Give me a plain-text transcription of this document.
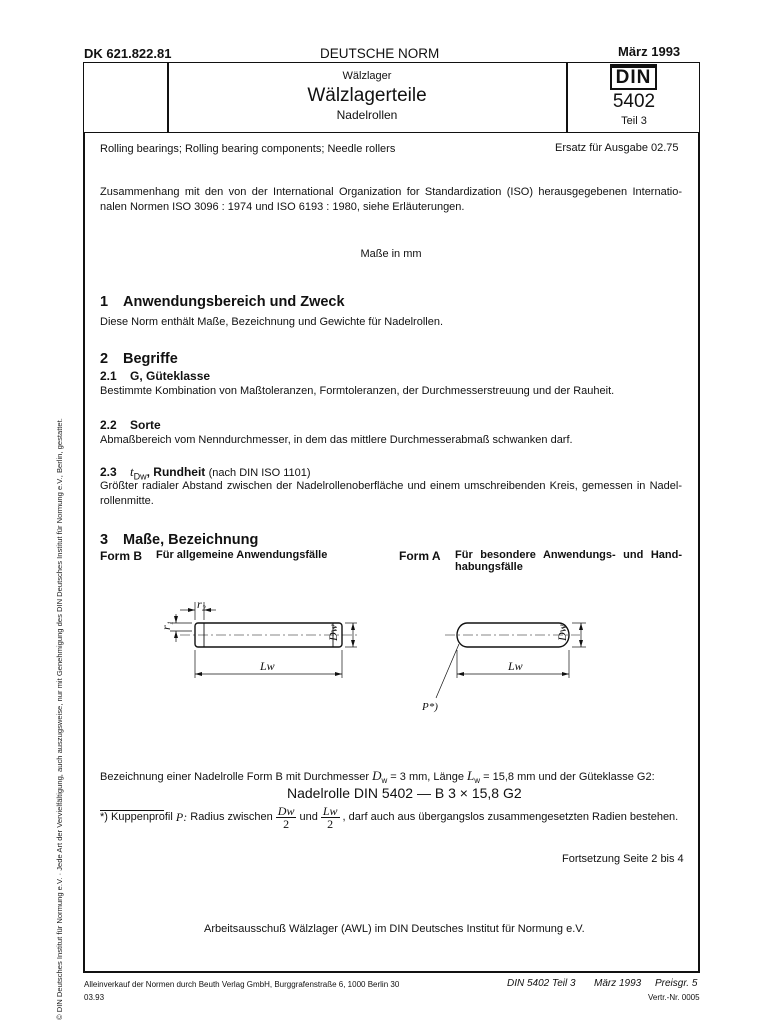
DK 621.822.81	DEUTSCHE NORM	März 1993
Wälzlager
Wälzlagerteile
Nadelrollen
DIN
5402
Teil 3
Rolling bearings; Rolling bearing components; Needle rollers	Ersatz für Ausgabe 02.75
Zusammenhang mit den von der International Organization for Standardization (ISO) herausgegebenen Internatio-
nalen Normen ISO 3096 : 1974 und ISO 6193 : 1980, siehe Erläuterungen.
Maße in mm
1 Anwendungsbereich und Zweck
Diese Norm enthält Maße, Bezeichnung und Gewichte für Nadelrollen.
2 Begriffe
2.1 G, Güteklasse
Bestimmte Kombination von Maßtoleranzen, Formtoleranzen, der Durchmesserstreuung und der Rauheit.
2.2 Sorte
Abmaßbereich vom Nenndurchmesser, in dem das mittlere Durchmesserabmaß schwanken darf.
2.3 $t_{Dw}$, Rundheit (nach DIN ISO 1101)
Größter radialer Abstand zwischen der Nadelrollenoberfläche und einem umschreibenden Kreis, gemessen in Nadel-
rollenmitte.
3 Maße, Bezeichnung
Form B Für allgemeine Anwendungsfälle	Form A Für besondere Anwendungs- und Hand-
habungsfälle
r₂
r₁	Dw
Lw
Dw
Lw
P*)
Bezeichnung einer Nadelrolle Form B mit Durchmesser $D_w = 3$ mm, Länge $L_w = 15,8$ mm und der Güteklasse G2:
Nadelrolle DIN 5402 — B 3 × 15,8 G2
*)
Kuppenprofil
P:
Radius zwischen $\frac{Dw}{2}$ und $\frac{Lw}{2}$ , darf auch aus übergangslos zusammengesetzten Radien bestehen.
Fortsetzung Seite 2 bis 4
Arbeitsausschuß Wälzlager (AWL) im DIN Deutsches Institut für Normung e.V.
Alleinverkauf der Normen durch Beuth Verlag GmbH, Burggrafenstraße 6, 1000 Berlin 30	DIN 5402 Teil 3 März 1993 Preisgr. 5
03.93	Vertr.-Nr. 0005
© DIN Deutsches Institut für Normung e.V. · Jede Art der Vervielfältigung, auch auszugsweise, nur mit Genehmigung des DIN Deutsches Institut für Normung e.V., Berlin, gestattet.
